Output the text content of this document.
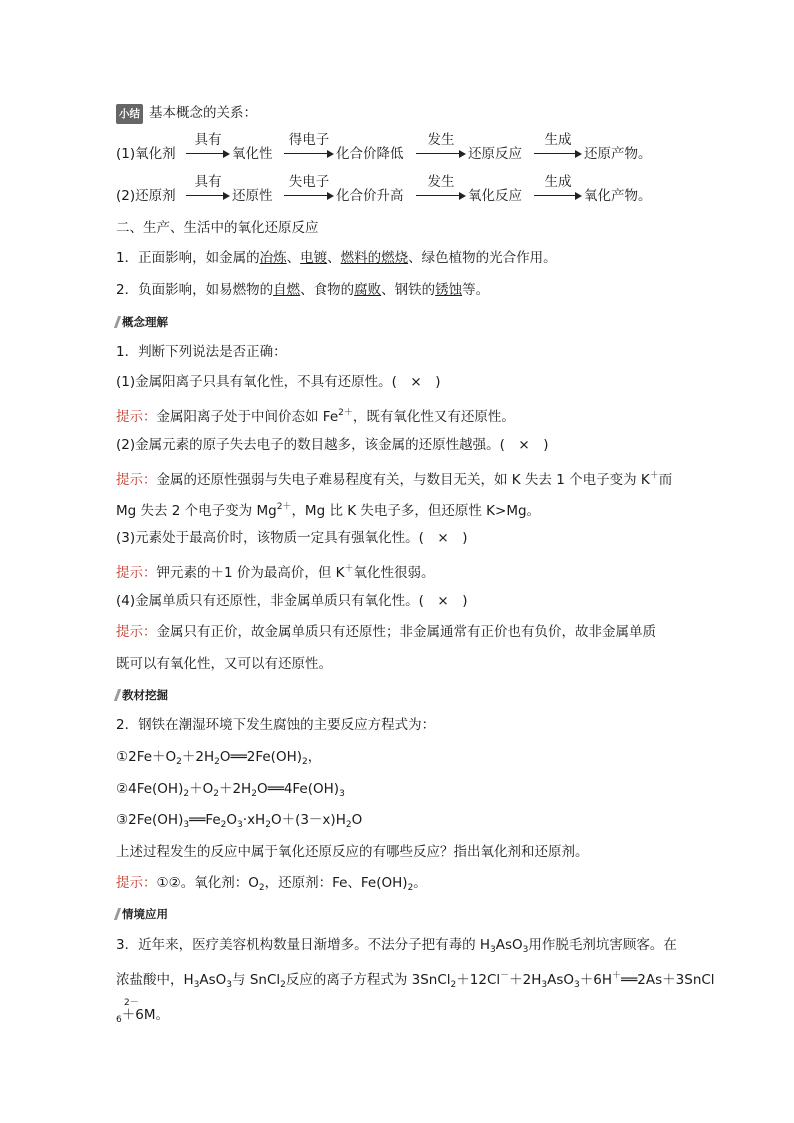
小结 基本概念的关系：
(1)氧化剂
具有
氧化性
得电子
化合价降低
发生
还原反应
生成
还原产物。
(2)还原剂
具有
还原性
失电子
化合价升高
发生
氧化反应
生成
氧化产物。
二、生产、生活中的氧化还原反应
1．正面影响，如金属的冶炼、电镀、燃料的燃烧、绿色植物的光合作用。
2．负面影响，如易燃物的自燃、食物的腐败、钢铁的锈蚀等。
概念理解
1．判断下列说法是否正确：
(1)金属阳离子只具有氧化性，不具有还原性。(　×　)
提示：金属阳离子处于中间价态如 $Fe^{2+}$，既有氧化性又有还原性。
(2)金属元素的原子失去电子的数目越多，该金属的还原性越强。(　×　)
提示：金属的还原性强弱与失电子难易程度有关，与数目无关，如 K 失去 1 个电子变为 K＋而
Mg 失去 2 个电子变为 $Mg^{2+}$，Mg 比 K 失电子多，但还原性 K>Mg。
(3)元素处于最高价时，该物质一定具有强氧化性。(　×　)
提示：钾元素的＋1 价为最高价，但 K＋氧化性很弱。
(4)金属单质只有还原性，非金属单质只有氧化性。(　×　)
提示：金属只有正价，故金属单质只有还原性；非金属通常有正价也有负价，故非金属单质
既可以有氧化性，又可以有还原性。
教材挖掘
2．钢铁在潮湿环境下发生腐蚀的主要反应方程式为：
$①2Fe+O_2+2H_2O══2Fe(OH)_2$，
$②4Fe(OH)_2+O_2+2H_2O══4Fe(OH)_3$
$③2Fe(OH)_3══Fe_2O_3\cdot xH_2O+(3-x)H_2O$
上述过程发生的反应中属于氧化还原反应的有哪些反应？指出氧化剂和还原剂。
提示：①②。氧化剂：$O_2$，还原剂：Fe、$Fe(OH)_2$。
情境应用
3．近年来，医疗美容机构数量日渐增多。不法分子把有毒的 $H_3AsO_3$用作脱毛剂坑害顾客。在
浓盐酸中，$H_3AsO_3$与 SnCl$_2$反应的离子方程式为 $3SnCl_2+12Cl^-+2H_3AsO_3+6H^+══2As+3SnCl$
2－
$_6$＋6M。
